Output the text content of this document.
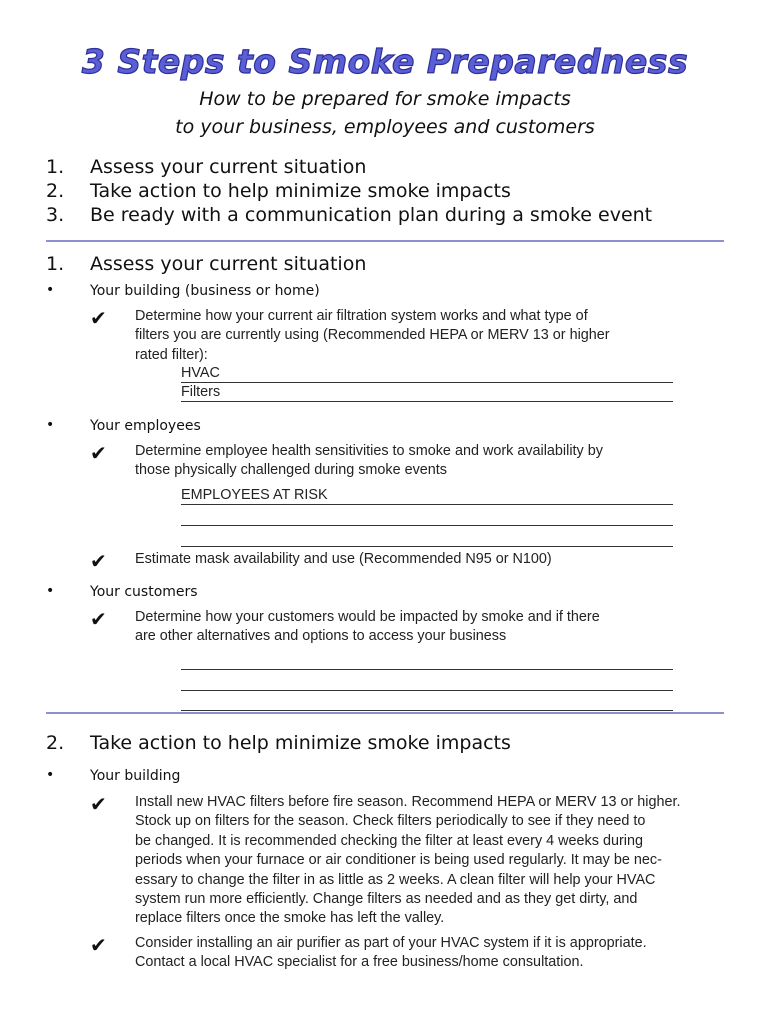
3 Steps to Smoke Preparedness
How to be prepared for smoke impacts
to your business, employees and customers
1.	Assess your current situation
2.	Take action to help minimize smoke impacts
3.	Be ready with a communication plan during a smoke event
1. Assess your current situation
•	Your building (business or home)
✔ Determine how your current air filtration system works and what type of
filters you are currently using (Recommended HEPA or MERV 13 or higher
rated filter):
HVAC
Filters
•	Your employees
✔ Determine employee health sensitivities to smoke and work availability by
those physically challenged during smoke events
EMPLOYEES AT RISK
✔ Estimate mask availability and use (Recommended N95 or N100)
•	Your customers
✔ Determine how your customers would be impacted by smoke and if there
are other alternatives and options to access your business
2. Take action to help minimize smoke impacts
•	Your building
✔ Install new HVAC filters before fire season. Recommend HEPA or MERV 13 or higher.
Stock up on filters for the season. Check filters periodically to see if they need to
be changed. It is recommended checking the filter at least every 4 weeks during
periods when your furnace or air conditioner is being used regularly. It may be nec-
essary to change the filter in as little as 2 weeks. A clean filter will help your HVAC
system run more efficiently. Change filters as needed and as they get dirty, and
replace filters once the smoke has left the valley.
✔ Consider installing an air purifier as part of your HVAC system if it is appropriate.
Contact a local HVAC specialist for a free business/home consultation.
